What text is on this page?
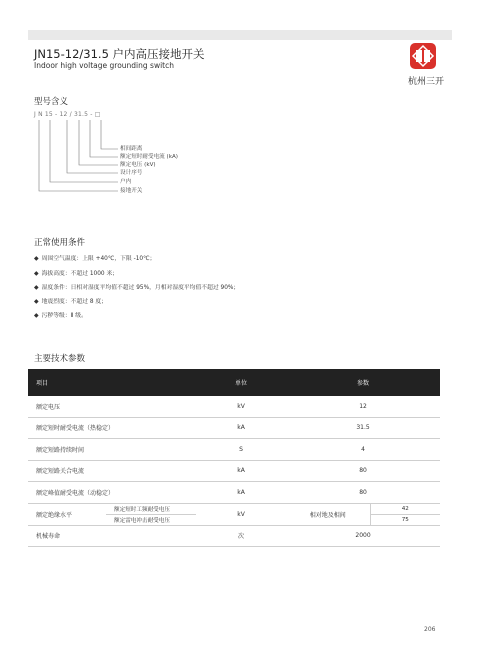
JN15-12/31.5 户内高压接地开关
Indoor high voltage grounding switch
杭州三开
型号含义
J N 15 - 12 / 31.5 - □
相间距离
额定短时耐受电流 (kA)
额定电压 (kV)
设计序号
户内
接地开关
正常使用条件
◆ 周围空气温度：上限 +40℃，下限 -10℃；
◆ 海拔高度：不超过 1000 米；
◆ 湿度条件：日相对湿度平均值不超过 95%，月相对湿度平均值不超过 90%；
◆ 地震烈度：不超过 8 度；
◆ 污秽等级：Ⅱ 级。
主要技术参数
项目		单位	参数	
额定电压		kV	12	
额定短时耐受电流（热稳定）		kA	31.5	
额定短路持续时间		S	4	
额定短路关合电流		kA	80	
额定峰值耐受电流（动稳定）		kA	80	
额定绝缘水平	额定短时工频耐受电压	kV	相对地及相间	42
	额定雷电冲击耐受电压			75
机械寿命		次	2000	
206
